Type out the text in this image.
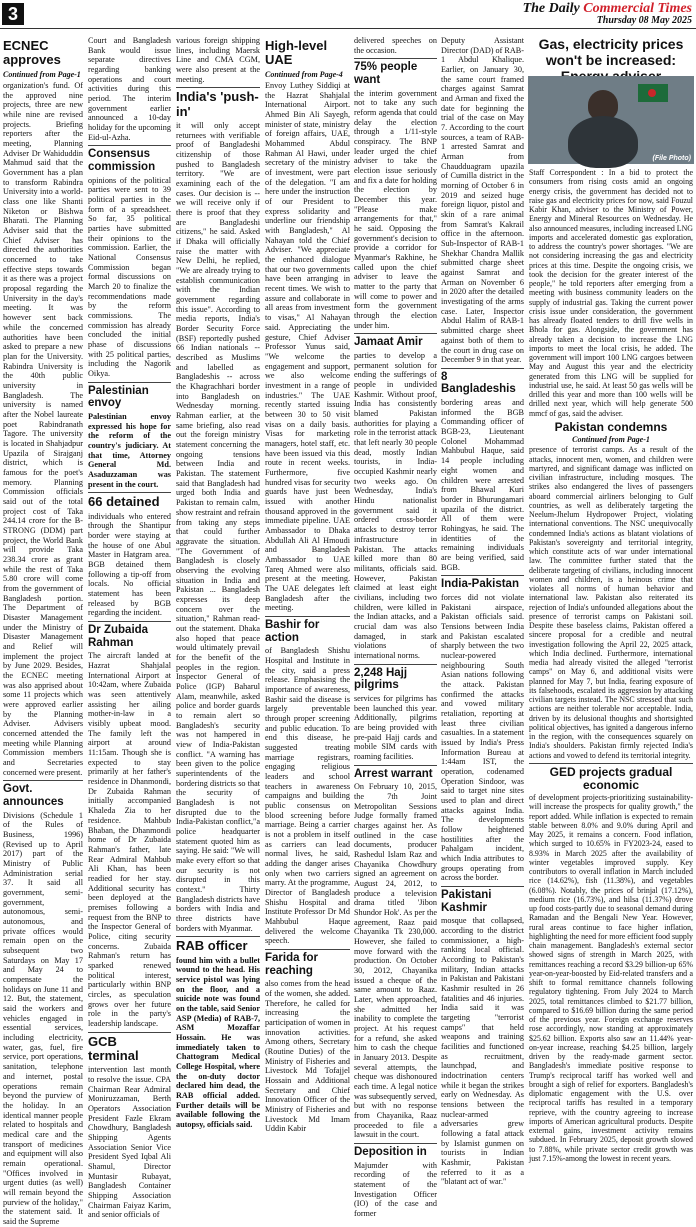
3	The Daily Commercial Times
Thursday 08 May 2025
ECNEC approves

Continued from Page-1

organization's fund. Of the approved nine projects, three are new while nine are revised projects. Briefing reporters after the meeting, Planning Adviser Dr Wahiduddin Mahmud said that the Government has a plan to transform Rabindra University into a world-class one like Shanti Niketon or Bishwa Bharati. The Planning Adviser said that the Chief Adviser has directed the authorities concerned to take effective steps towards it as there was a project proposal regarding the University in the day's meeting. It was however sent back while the concerned authorities have been asked to prepare a new plan for the University. Rabindra University is the 40th public university in Bangladesh. The university is named after the Nobel laureate poet Rabindranath Tagore. The university is located in Shahjadpur Upazila of Sirajganj district, which is famous for the poet's memory. Planning Commission officials said out of the total project cost of Taka 244.14 crore for the B-STRONG (DDM) part project, the World Bank will provide Taka 238.34 crore as grant while the rest of Taka 5.80 crore will come from the government of Bangladesh portion. The Department of Disaster Management under the Ministry of Disaster Management and Relief will implement the project by June 2029. Besides, the ECNEC meeting was also apprised about some 11 projects which were approved earlier by the Planning Adviser. Advisers concerned attended the meeting while Planning Commission members and Secretaries concerned were present.

Govt. announces

Divisions (Schedule 1 of the Rules of Business, 1996) (Revised up to April 2017) part of the Ministry of Public Administration serial 37. It said all government, semi-government, autonomous, semi-autonomous, and private offices would remain open on the subsequent two Saturdays on May 17 and May 24 to compensate the holidays on June 11 and 12. But, the statement, said the workers and vehicles engaged in essential services, including electricity, water, gas, fuel, fire service, port operations, sanitation, telephone and internet, postal operations remain beyond the purview of the holiday. In an identical manner people related to hospitals and medical care and the transport of medicines and equipment will also remain operational. "Offices involved in urgent duties (as well) will remain beyond the purview of the holiday," the statement said. It said the Supreme

Court and Bangladesh Bank would issue separate directives regarding banking operations and court activities during this period. The interim government earlier announced a 10-day holiday for the upcoming Eid-ul-Azha.

Consensus commission

opinions of the political parties were sent to 39 political parties in the form of a spreadsheet. So far, 35 political parties have submitted their opinions to the commission. Earlier, the National Consensus Commission began formal discussions on March 20 to finalize the recommendations made by the reform commissions. The commission has already concluded the initial phase of discussions with 25 political parties, including the Nagorik Oikya.

Palestinian envoy

Palestinian envoy expressed his hope for the reform of the country's judiciary. At that time, Attorney General Md. Asaduzzaman was present in the court.

66 detained

individuals who entered through the Shantipur border were staying at the house of one Abul Master in Hatgram area. BGB detained them following a tip-off from locals. No official statement has been released by BGB regarding the incident.

Dr Zubaida Rahman

The aircraft landed at Hazrat Shahjalal International Airport at 10:42am, where Zubaida was seen attentively assisting her ailing mother-in-law in a visibly upbeat mood. The family left the airport at around 11:15am. Though she is expected to stay primarily at her father's residence in Dhanmondi, Dr Zubaida Rahman initially accompanied Khaleda Zia to her residence. Mahbub Bhaban, the Dhanmondi home of Dr Zubaida Rahman's father, late Rear Admiral Mahbub Ali Khan, has been readied for her stay. Additional security has been deployed at the premises following a request from the BNP to the Inspector General of Police, citing security concerns. Zubaida Rahman's return has sparked renewed political interest, particularly within BNP circles, as speculation grows over her future role in the party's leadership landscape.

GCB terminal

intervention last month to resolve the issue. CPA Chairman Rear Admiral Moniruzzaman, Berth Operators Association President Fazle Ekram Chowdhury, Bangladesh Shipping Agents Association Senior Vice President Syed Iqbal Ali Shamul, Director Muntasir Rubayat, Bangladesh Container Shipping Association Chairman Faiyaz Karim, and senior officials of

various foreign shipping lines, including Maersk Line and CMA CGM, were also present at the meeting.

India's 'push-in'

it will only accept returnees with verifiable proof of Bangladeshi citizenship of those pushed to Bangladesh territory. "We are examining each of the cases. Our decision is -- we will receive only if there is proof that they are Bangladeshi citizens," he said. Asked if Dhaka will officially raise the matter with New Delhi, he replied, "We are already trying to establish communication with the Indian government regarding this issue". According to media reports, India's Border Security Force (BSF) reportedly pushed 66 Indian nationals -- described as Muslims and labelled as Bangladeshis -- across the Khagrachhari border into Bangladesh on Wednesday morning. Rahman earlier, at the same briefing, also read out the foreign ministry statement concerning the ongoing tensions between India and Pakistan. The statement said that Bangladesh had urged both India and Pakistan to remain calm, show restraint and refrain from taking any steps that could further aggravate the situation. "The Government of Bangladesh is closely observing the evolving situation in India and Pakistan ... Bangladesh expresses its deep concern over the situation," Rahman read-out the statement. Dhaka also hoped that peace would ultimately prevail for the benefit of the peoples in the region. Inspector General of Police (IGP) Baharul Alam, meanwhile, asked police and border guards to remain alert so Bangladesh's security was not hampered in view of India-Pakistan conflict. "A warning has been given to the police superintendents of the bordering districts so that the security of Bangladesh is not disrupted due to the India-Pakistan conflict,"a police headquarter statement quoted him as saying. He said: "We will make every effort so that our security is not disrupted in this context." Thirty Bangladesh districts have borders with India and three districts have borders with Myanmar.

RAB officer

found him with a bullet wound to the head. His service pistol was lying on the floor, and a suicide note was found on the table, said Senior ASP (Media) of RAB-7, ASM Mozaffar Hossain. He was immediately taken to Chattogram Medical College Hospital, where the on-duty doctor declared him dead, the RAB official added. Further details will be available following the autopsy, officials said.

High-level UAE

Continued from Page-4

Envoy Luthey Siddiqi at the Hazrat Shahjalal International Airport. Ahmed Bin Ali Sayegh, minister of state, ministry of foreign affairs, UAE, Mohammed Abdul Rahman Al Hawi, under secretary of the ministry of investment, were part of the delegation. "I am here under the instruction of our President to express solidarity and underline our friendship with Bangladesh," Al Nahayan told the Chief Adviser. "We appreciate the enhanced dialogue that our two governments have been arranging in recent times. We wish to assure and collaborate in all areas from investment to visas," Al Nahayan said. Appreciating the gesture, Chief Adviser Professor Yunus said, "We welcome the engagement and support, we also welcome investment in a range of industries." The UAE recently started issuing between 30 to 50 visit visas on a daily basis. Visas for marketing managers, hotel staff, etc. have been issued via this route in recent weeks. Furthermore, five hundred visas for security guards have just been issued with another thousand approved in the immediate pipeline. UAE Ambassador to Dhaka Abdullah Ali Al Hmoudi and Bangladesh Ambassador to UAE Tareq Ahmed were also present at the meeting. The UAE delegates left Bangladesh after the meeting.

Bashir for action

of Bangladesh Shishu Hospital and Institute in the city, said a press release. Emphasising the importance of awareness, Bashir said the disease is largely preventable through proper screening and public education. To end this disease, he suggested treating marriage registrars, engaging religious leaders and school teachers in awareness campaigns and building public consensus on blood screening before marriage. Being a carrier is not a problem in itself as carriers can lead normal lives, he said, adding the danger arises only when two carriers marry. At the programme, Director of Bangladesh Shishu Hospital and Institute Professor Dr Md Mahbubul Haque delivered the welcome speech.

Farida for reaching

also comes from the head of the women, she added. Therefore, he called for increasing the participation of women in innovation activities. Among others, Secretary (Routine Duties) of the Ministry of Fisheries and Livestock Md Tofajjel Hossain and Additional Secretary and Chief Innovation Officer of the Ministry of Fisheries and Livestock Md Imam Uddin Kabir

delivered speeches on the occasion.

75% people want

the interim government not to take any such reform agenda that could delay the election through a 1/11-style conspiracy. The BNP leader urged the chief adviser to take the election issue seriously and fix a date for holding the election by December this year. "Please make arrangements for that," he said. Opposing the government's decision to provide a corridor for Myanmar's Rakhine, he called upon the chief adviser to leave the matter to the party that will come to power and form the government through the election under him.

Jamaat Amir

parties to develop a permanent solution for ending the sufferings of people in undivided Kashmir. Without proof, India has consistently blamed Pakistan authorities for playing a role in the terrorist attack that left nearly 30 people dead, mostly Indian tourists, in India-occupied Kashmir nearly two weeks ago. On Wednesday, India's Hindu nationalist government said it ordered cross-border attacks to destroy terror infrastructure in Pakistan. The attacks killed more than 80 militants, officials said. However, Pakistan claimed at least eight civilians, including two children, were killed in the Indian attacks, and a crucial dam was also damaged, in stark violations of international norms.

2,248 Hajj pilgrims

services for pilgrims has been launched this year. Additionally, pilgrims are being provided with pre-paid Hajj cards and mobile SIM cards with roaming facilities.

Arrest warrant

On February 10, 2015, the 7th Joint Metropolitan Sessions Judge formally framed charges against her. As outlined in the case documents, producer Rashedul Islam Raz and Chayanika Chowdhury signed an agreement on August 24, 2012, to produce a television drama titled 'Jibon Shundor Hok'. As per the agreement, Raaz paid Chayanika Tk 230,000. However, she failed to move forward with the production. On October 30, 2012, Chayanika issued a cheque of the same amount to Raaz. Later, when approached, she admitted her inability to complete the project. At his request for a refund, she asked him to cash the cheque in January 2013. Despite several attempts, the cheque was dishonoured each time. A legal notice was subsequently served, but with no response from Chayanika, Raaz proceeded to file a lawsuit in the court.

Deposition in

Majumder with recording of the statement of the Investigation Officer (IO) of the case and former

Deputy Assistant Director (DAD) of RAB-1 Abdul Khalique. Earlier, on January 30, the same court framed charges against Samrat and Arman and fixed the date for beginning the trial of the case on May 7. According to the court sources, a team of RAB-1 arrested Samrat and Arman from Chaudduagram upazila of Cumilla district in the morning of October 6 in 2019 and seized huge foreign liquor, pistol and skin of a rare animal from Samrat's Kakrail office in the afternoon. Sub-Inspector of RAB-1 Shekhar Chandra Mallik submitted charge sheet against Samrat and Arman on November 6 in 2020 after the detailed investigating of the arms case. Later, Inspector Abdul Halim of RAB-1 submitted charge sheet against both of them to the court in drug case on December 9 in that year.

8 Bangladeshis

bordering areas and informed the BGB Commanding officer of BGB-23, Lieutenant Colonel Mohammad Mahbubul Haque, said 14 people including eight women and children were arrested from Bhawal Kuri border in Bhurungamari upazila of the district. All of them were Rohingyas, he said. The identities of the remaining individuals are being verified, said BGB.

India-Pakistan

forces did not violate Pakistani airspace, Pakistan officials said. Tensions between India and Pakistan escalated sharply between the two nuclear-powered neighbouring South Asian nations following the attack. Pakistan confirmed the attacks and vowed military retaliation, reporting at least three civilian casualties. In a statement issued by India's Press Information Bureau at 1:44am IST, the operation, codenamed Operation Sindoor, was said to target nine sites used to plan and direct attacks against India. The developments follow heightened hostilities after the Pahalgam incident, which India attributes to groups operating from across the border.

Pakistani Kashmir

mosque that collapsed, according to the district commissioner, a high-ranking local official. According to Pakistan's military, Indian attacks in Pakistan and Pakistani Kashmir resulted in 26 fatalities and 46 injuries. India said it was targeting "terrorist camps" that held weapons and training facilities and functioned as recruitment, launchpad, and indoctrination centers while it began the strikes early on Wednesday. As tensions between the nuclear-armed adversaries grew following a fatal attack by Islamist gunmen on tourists in Indian Kashmir, Pakistan referred to it as a "blatant act of war."

Gas, electricity prices won't be increased:
(File Photo)

Staff Correspondent : In a bid to protect the consumers from rising costs amid an ongoing energy crisis, the government has decided not to raise gas and electricity prices for now, said Fouzul Kabir Khan, adviser to the Ministry of Power, Energy and Mineral Resources on Wednesday. He also announced measures, including increased LNG imports and accelerated domestic gas exploration, to address the country's power shortages. "We are not considering increasing the gas and electricity prices at this time. Despite the ongoing crisis, we took the decision for the greater interest of the people," he told reporters after emerging from a meeting with business community leaders on the supply of industrial gas. Taking the current power crisis issue under consideration, the government has already floated tenders to drill five wells in Bhola for gas. Alongside, the government has already taken a decision to increase the LNG imports to meet the local crisis, he added. The government will import 100 LNG cargoes between May and August this year and the electricity generated from this LNG will be supplied for industrial use, he said. At least 50 gas wells will be drilled this year and more than 100 wells will be drilled next year, which will help generate 500 mmcf of gas, said the adviser.

Pakistan condemns

Continued from Page-1

presence of terrorist camps. As a result of the attacks, innocent men, women, and children were martyred, and significant damage was inflicted on civilian infrastructure, including mosques. The strikes also endangered the lives of passengers aboard commercial airliners belonging to Gulf countries, as well as deliberately targeting the Neelum-Jhelum Hydropower Project, violating international conventions. The NSC unequivocally condemned India's actions as blatant violations of Pakistan's sovereignty and territorial integrity, which constitute acts of war under international law. The committee further stated that the deliberate targeting of civilians, including innocent women and children, is a heinous crime that violates all norms of human behavior and international law. Pakistan also reiterated its rejection of India's unfounded allegations about the presence of terrorist camps on Pakistani soil. Despite these baseless claims, Pakistan offered a sincere proposal for a credible and neutral investigation following the April 22, 2025 attack, which India declined. Furthermore, international media had already visited the alleged "terrorist camps" on May 6, and additional visits were planned for May 7, but India, fearing exposure of its falsehoods, escalated its aggression by attacking civilian targets instead. The NSC stressed that such actions are neither tolerable nor acceptable. India, driven by its delusional thoughts and shortsighted political objectives, has ignited a dangerous inferno in the region, with the consequences squarely on India's shoulders. Pakistan firmly rejected India's actions and vowed to defend its territorial integrity.

GED projects gradual economic

of development projects-prioritizing sustainability-will increase the prospects for quality growth," the report added. While inflation is expected to remain stable between 8.0% and 9.0% during April and May 2025, it remains a concern. Food inflation, which surged to 10.65% in FY2023-24, eased to 8.93% in March 2025 after the availability of winter vegetables improved supply. Key contributors to overall inflation in March included rice (14.62%), fish (11.38%), and vegetables (6.08%). Notably, the prices of brinjal (17.12%), medium rice (16.73%), and hilsa (11.37%) drove up food costs-partly due to seasonal demand during Ramadan and the Bengali New Year. However, rural areas continue to face higher inflation, highlighting the need for more efficient food supply chain management. Bangladesh's external sector showed signs of strength in March 2025, with remittances reaching a record $3.29 billion-up 65% year-on-year-boosted by Eid-related transfers and a shift to formal remittance channels following regulatory tightening. From July 2024 to March 2025, total remittances climbed to $21.77 billion, compared to $16.69 billion during the same period of the previous year. Foreign exchange reserves rose accordingly, now standing at approximately $25.62 billion. Exports also saw an 11.44% year-on-year increase, reaching $4.25 billion, largely driven by the ready-made garment sector. Bangladesh's immediate positive response to Trump's reciprocal tariff has worked well and brought a sigh of relief for exporters. Bangladesh's diplomatic engagement with the U.S. over reciprocal tariffs has resulted in a temporary reprieve, with the country agreeing to increase imports of American agricultural products. Despite external gains, investment activity remains subdued. In February 2025, deposit growth slowed to 7.88%, while private sector credit growth was just 7.15%-among the lowest in recent years.
